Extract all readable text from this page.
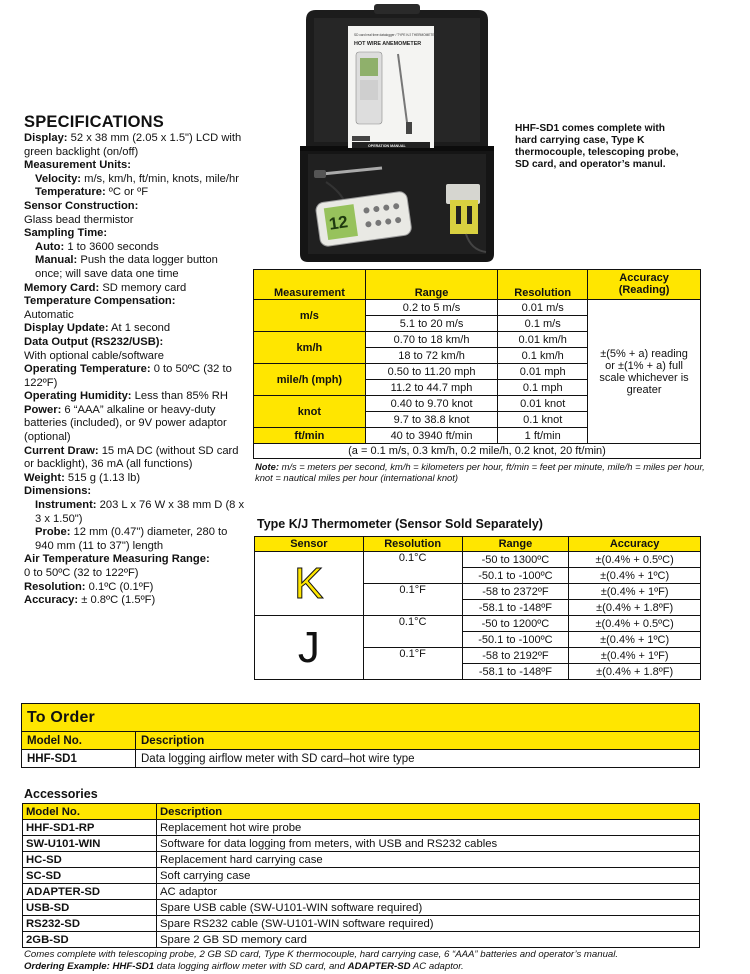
SPECIFICATIONS
Display: 52 x 38 mm (2.05 x 1.5") LCD with green backlight (on/off)
Measurement Units:
Velocity: m/s, km/h, ft/min, knots, mile/hr
Temperature: ºC or ºF
Sensor Construction:
Glass bead thermistor
Sampling Time:
Auto: 1 to 3600 seconds
Manual: Push the data logger button once; will save data one time
Memory Card: SD memory card
Temperature Compensation:
Automatic
Display Update: At 1 second
Data Output (RS232/USB):
With optional cable/software
Operating Temperature: 0 to 50ºC (32 to 122ºF)
Operating Humidity: Less than 85% RH
Power: 6 “AAA” alkaline or heavy-duty batteries (included), or 9V power adaptor (optional)
Current Draw: 15 mA DC (without SD card or backlight), 36 mA (all functions)
Weight: 515 g (1.13 lb)
Dimensions:
Instrument: 203 L x 76 W x 38 mm D (8 x 3 x 1.50")
Probe: 12 mm (0.47") diameter, 280 to 940 mm (11 to 37") length
Air Temperature Measuring Range:
0 to 50ºC (32 to 122ºF)
Resolution: 0.1ºC (0.1ºF)
Accuracy: ± 0.8ºC (1.5ºF)
SD card real time datalogger / TYPE K/J THERMOMETER
HOT WIRE ANEMOMETER
OPERATION MANUAL
12
HHF-SD1 comes complete with hard carrying case, Type K thermocouple, telescoping probe, SD card, and operator’s manul.
Measurement	Range	Resolution	Accuracy (Reading)
m/s	0.2 to 5 m/s	0.01 m/s	±(5% + a) reading or ±(1% + a) full scale whichever is greater
	5.1 to 20 m/s	0.1 m/s	
km/h	0.70 to 18 km/h	0.01 km/h	
	18 to 72 km/h	0.1 km/h	
mile/h (mph)	0.50 to 11.20 mph	0.01 mph	
	11.2 to 44.7 mph	0.1 mph	
knot	0.40 to 9.70 knot	0.01 knot	
	9.7 to 38.8 knot	0.1 knot	
ft/min	40 to 3940 ft/min	1 ft/min	
(a = 0.1 m/s, 0.3 km/h, 0.2 mile/h, 0.2 knot, 20 ft/min)			
Note: m/s = meters per second, km/h = kilometers per hour, ft/min = feet per minute, mile/h = miles per hour, knot = nautical miles per hour (international knot)
Type K/J Thermometer (Sensor Sold Separately)
Sensor	Resolution	Range	Accuracy
K	0.1°C	-50 to 1300ºC	±(0.4% + 0.5ºC)
		-50.1 to -100ºC	±(0.4% + 1ºC)
	0.1°F	-58 to 2372ºF	±(0.4% + 1ºF)
		-58.1 to -148ºF	±(0.4% + 1.8ºF)
J	0.1°C	-50 to 1200ºC	±(0.4% + 0.5ºC)
		-50.1 to -100ºC	±(0.4% + 1ºC)
	0.1°F	-58 to 2192ºF	±(0.4% + 1ºF)
		-58.1 to -148ºF	±(0.4% + 1.8ºF)
To Order	
Model No.	Description
HHF-SD1	Data logging airflow meter with SD card–hot wire type
Accessories
Model No.	Description
HHF-SD1-RP	Replacement hot wire probe
SW-U101-WIN	Software for data logging from meters, with USB and RS232 cables
HC-SD	Replacement hard carrying case
SC-SD	Soft carrying case
ADAPTER-SD	AC adaptor
USB-SD	Spare USB cable (SW-U101-WIN software required)
RS232-SD	Spare RS232 cable (SW-U101-WIN software required)
2GB-SD	Spare 2 GB SD memory card
Comes complete with telescoping probe, 2 GB SD card, Type K thermocouple, hard carrying case, 6 “AAA” batteries and operator’s manual.
Ordering Example: HHF-SD1 data logging airflow meter with SD card, and ADAPTER-SD AC adaptor.
